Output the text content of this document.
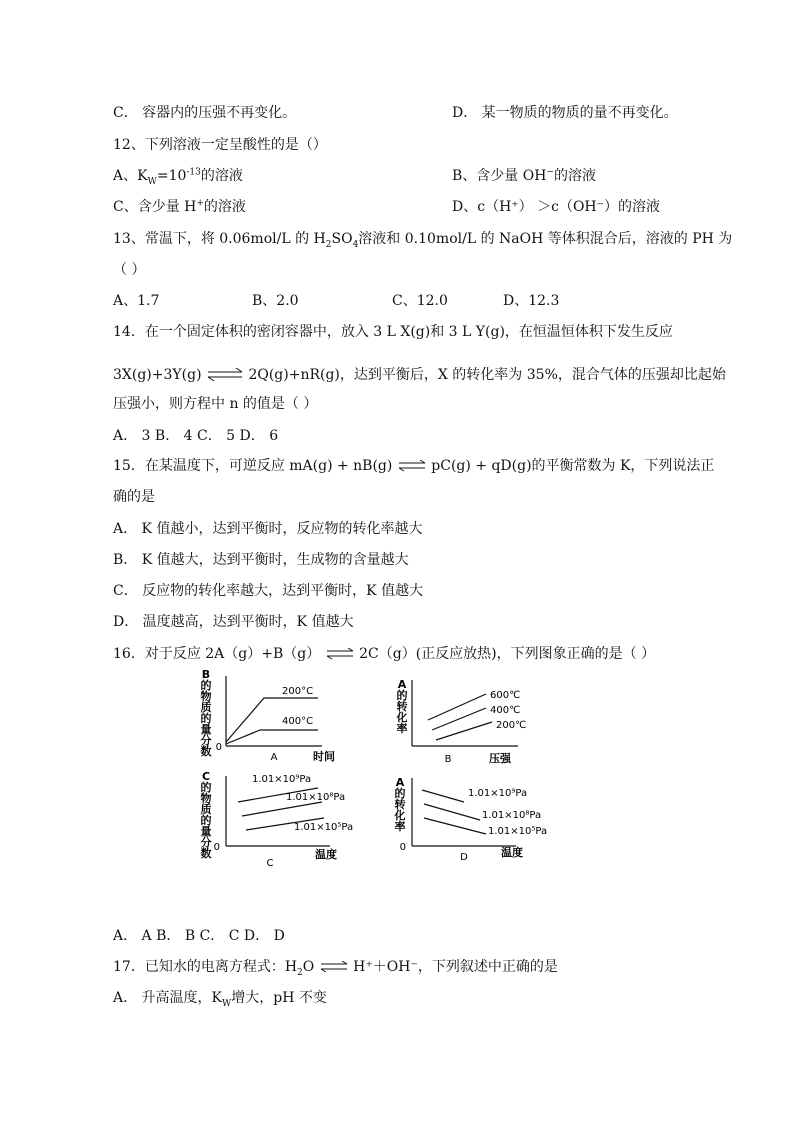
C． 容器内的压强不再变化。	D． 某一物质的物质的量不再变化。
12、下列溶液一定呈酸性的是（）
A、$K_W=10^{-13}$的溶液	B、含少量 OH−的溶液
C、含少量 H+的溶液	D、c（H⁺） ＞c（OH⁻）的溶液
13、常温下，将 0.06mol/L 的 $H_2SO_4$溶液和 0.10mol/L 的 NaOH 等体积混合后，溶液的 PH 为
（ ）
A、1.7	B、2.0	C、12.0	D、12.3
14．在一个固定体积的密闭容器中，放入 3 L X(g)和 3 L Y(g)，在恒温恒体积下发生反应
3X(g)+3Y(g) ⇌ 2Q(g)+nR(g)，达到平衡后，X 的转化率为 35%，混合气体的压强却比起始
压强小，则方程中 n 的值是（ ）
A． 3 B． 4 C． 5 D． 6
15．在某温度下，可逆反应 mA(g) + nB(g) ⇌ pC(g) + qD(g)的平衡常数为 K，下列说法正
确的是
A． K 值越小，达到平衡时，反应物的转化率越大
B． K 值越大，达到平衡时，生成物的含量越大
C． 反应物的转化率越大，达到平衡时，K 值越大
D． 温度越高，达到平衡时，K 值越大
16．对于反应 2A（g）+B（g） ⇌ 2C（g）(正反应放热)，下列图象正确的是（ ）
B 的物质的量分数 0
A	时间
200°C
400°C
A 的转化率
B	压强
600℃
400℃
200℃
C 的物质的量分数 0
C
温度
1.01×10⁹Pa
1.01×10⁸Pa
1.01×10⁵Pa
A 的转化率
0
D	温度
1.01×10⁹Pa
1.01×10⁸Pa
1.01×10⁵Pa
A． A B． B C． C D． D
17．已知水的电离方程式：$H_2O$ ⇌ H⁺＋OH⁻，下列叙述中正确的是
A． 升高温度，$K_W$增大，pH 不变
